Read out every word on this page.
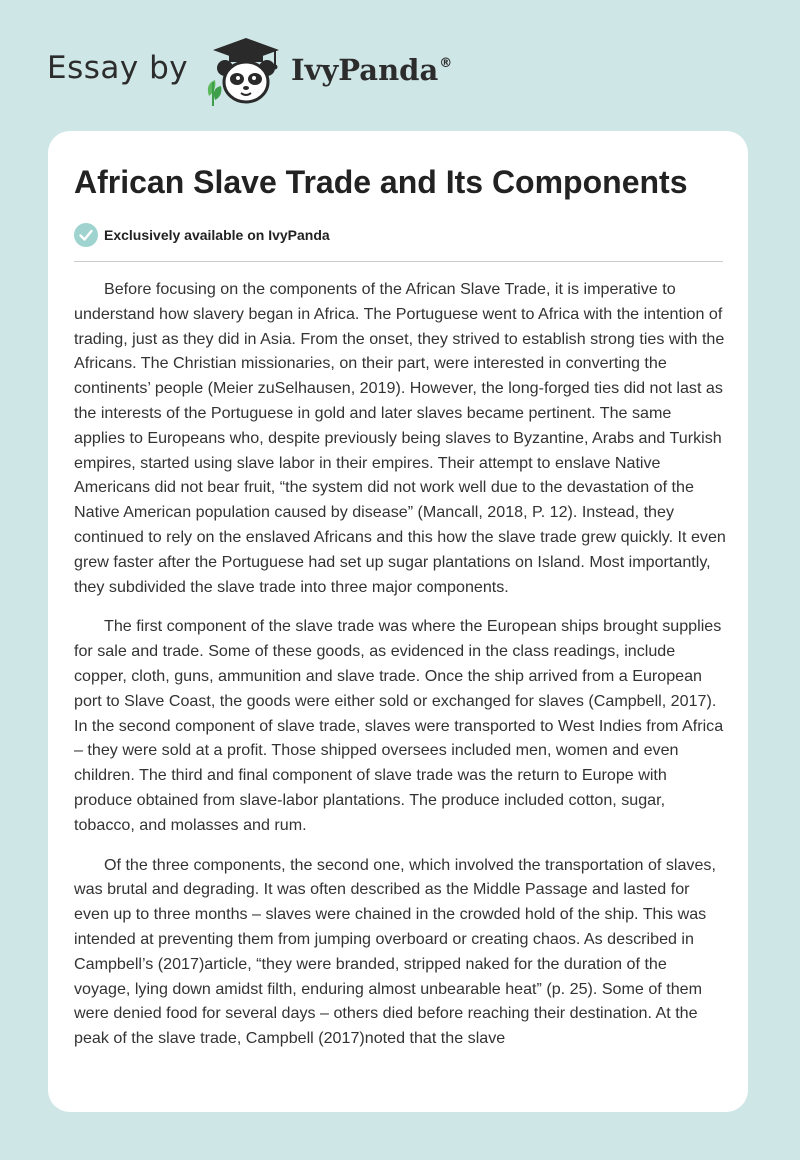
Essay by	IvyPanda®
African Slave Trade and Its Components
Exclusively available on IvyPanda

Before focusing on the components of the African Slave Trade, it is imperative to understand how slavery began in Africa. The Portuguese went to Africa with the intention of trading, just as they did in Asia. From the onset, they strived to establish strong ties with the Africans. The Christian missionaries, on their part, were interested in converting the continents’ people (Meier zuSelhausen, 2019). However, the long-forged ties did not last as the interests of the Portuguese in gold and later slaves became pertinent. The same applies to Europeans who, despite previously being slaves to Byzantine, Arabs and Turkish empires, started using slave labor in their empires. Their attempt to enslave Native Americans did not bear fruit, “the system did not work well due to the devastation of the Native American population caused by disease” (Mancall, 2018, P. 12). Instead, they continued to rely on the enslaved Africans and this how the slave trade grew quickly. It even grew faster after the Portuguese had set up sugar plantations on Island. Most importantly, they subdivided the slave trade into three major components.

The first component of the slave trade was where the European ships brought supplies for sale and trade. Some of these goods, as evidenced in the class readings, include copper, cloth, guns, ammunition and slave trade. Once the ship arrived from a European port to Slave Coast, the goods were either sold or exchanged for slaves (Campbell, 2017). In the second component of slave trade, slaves were transported to West Indies from Africa – they were sold at a profit. Those shipped oversees included men, women and even children. The third and final component of slave trade was the return to Europe with produce obtained from slave-labor plantations. The produce included cotton, sugar, tobacco, and molasses and rum.

Of the three components, the second one, which involved the transportation of slaves, was brutal and degrading. It was often described as the Middle Passage and lasted for even up to three months – slaves were chained in the crowded hold of the ship. This was intended at preventing them from jumping overboard or creating chaos. As described in Campbell’s (2017)article, “they were branded, stripped naked for the duration of the voyage, lying down amidst filth, enduring almost unbearable heat” (p. 25). Some of them were denied food for several days – others died before reaching their destination. At the peak of the slave trade, Campbell (2017)noted that the slave
